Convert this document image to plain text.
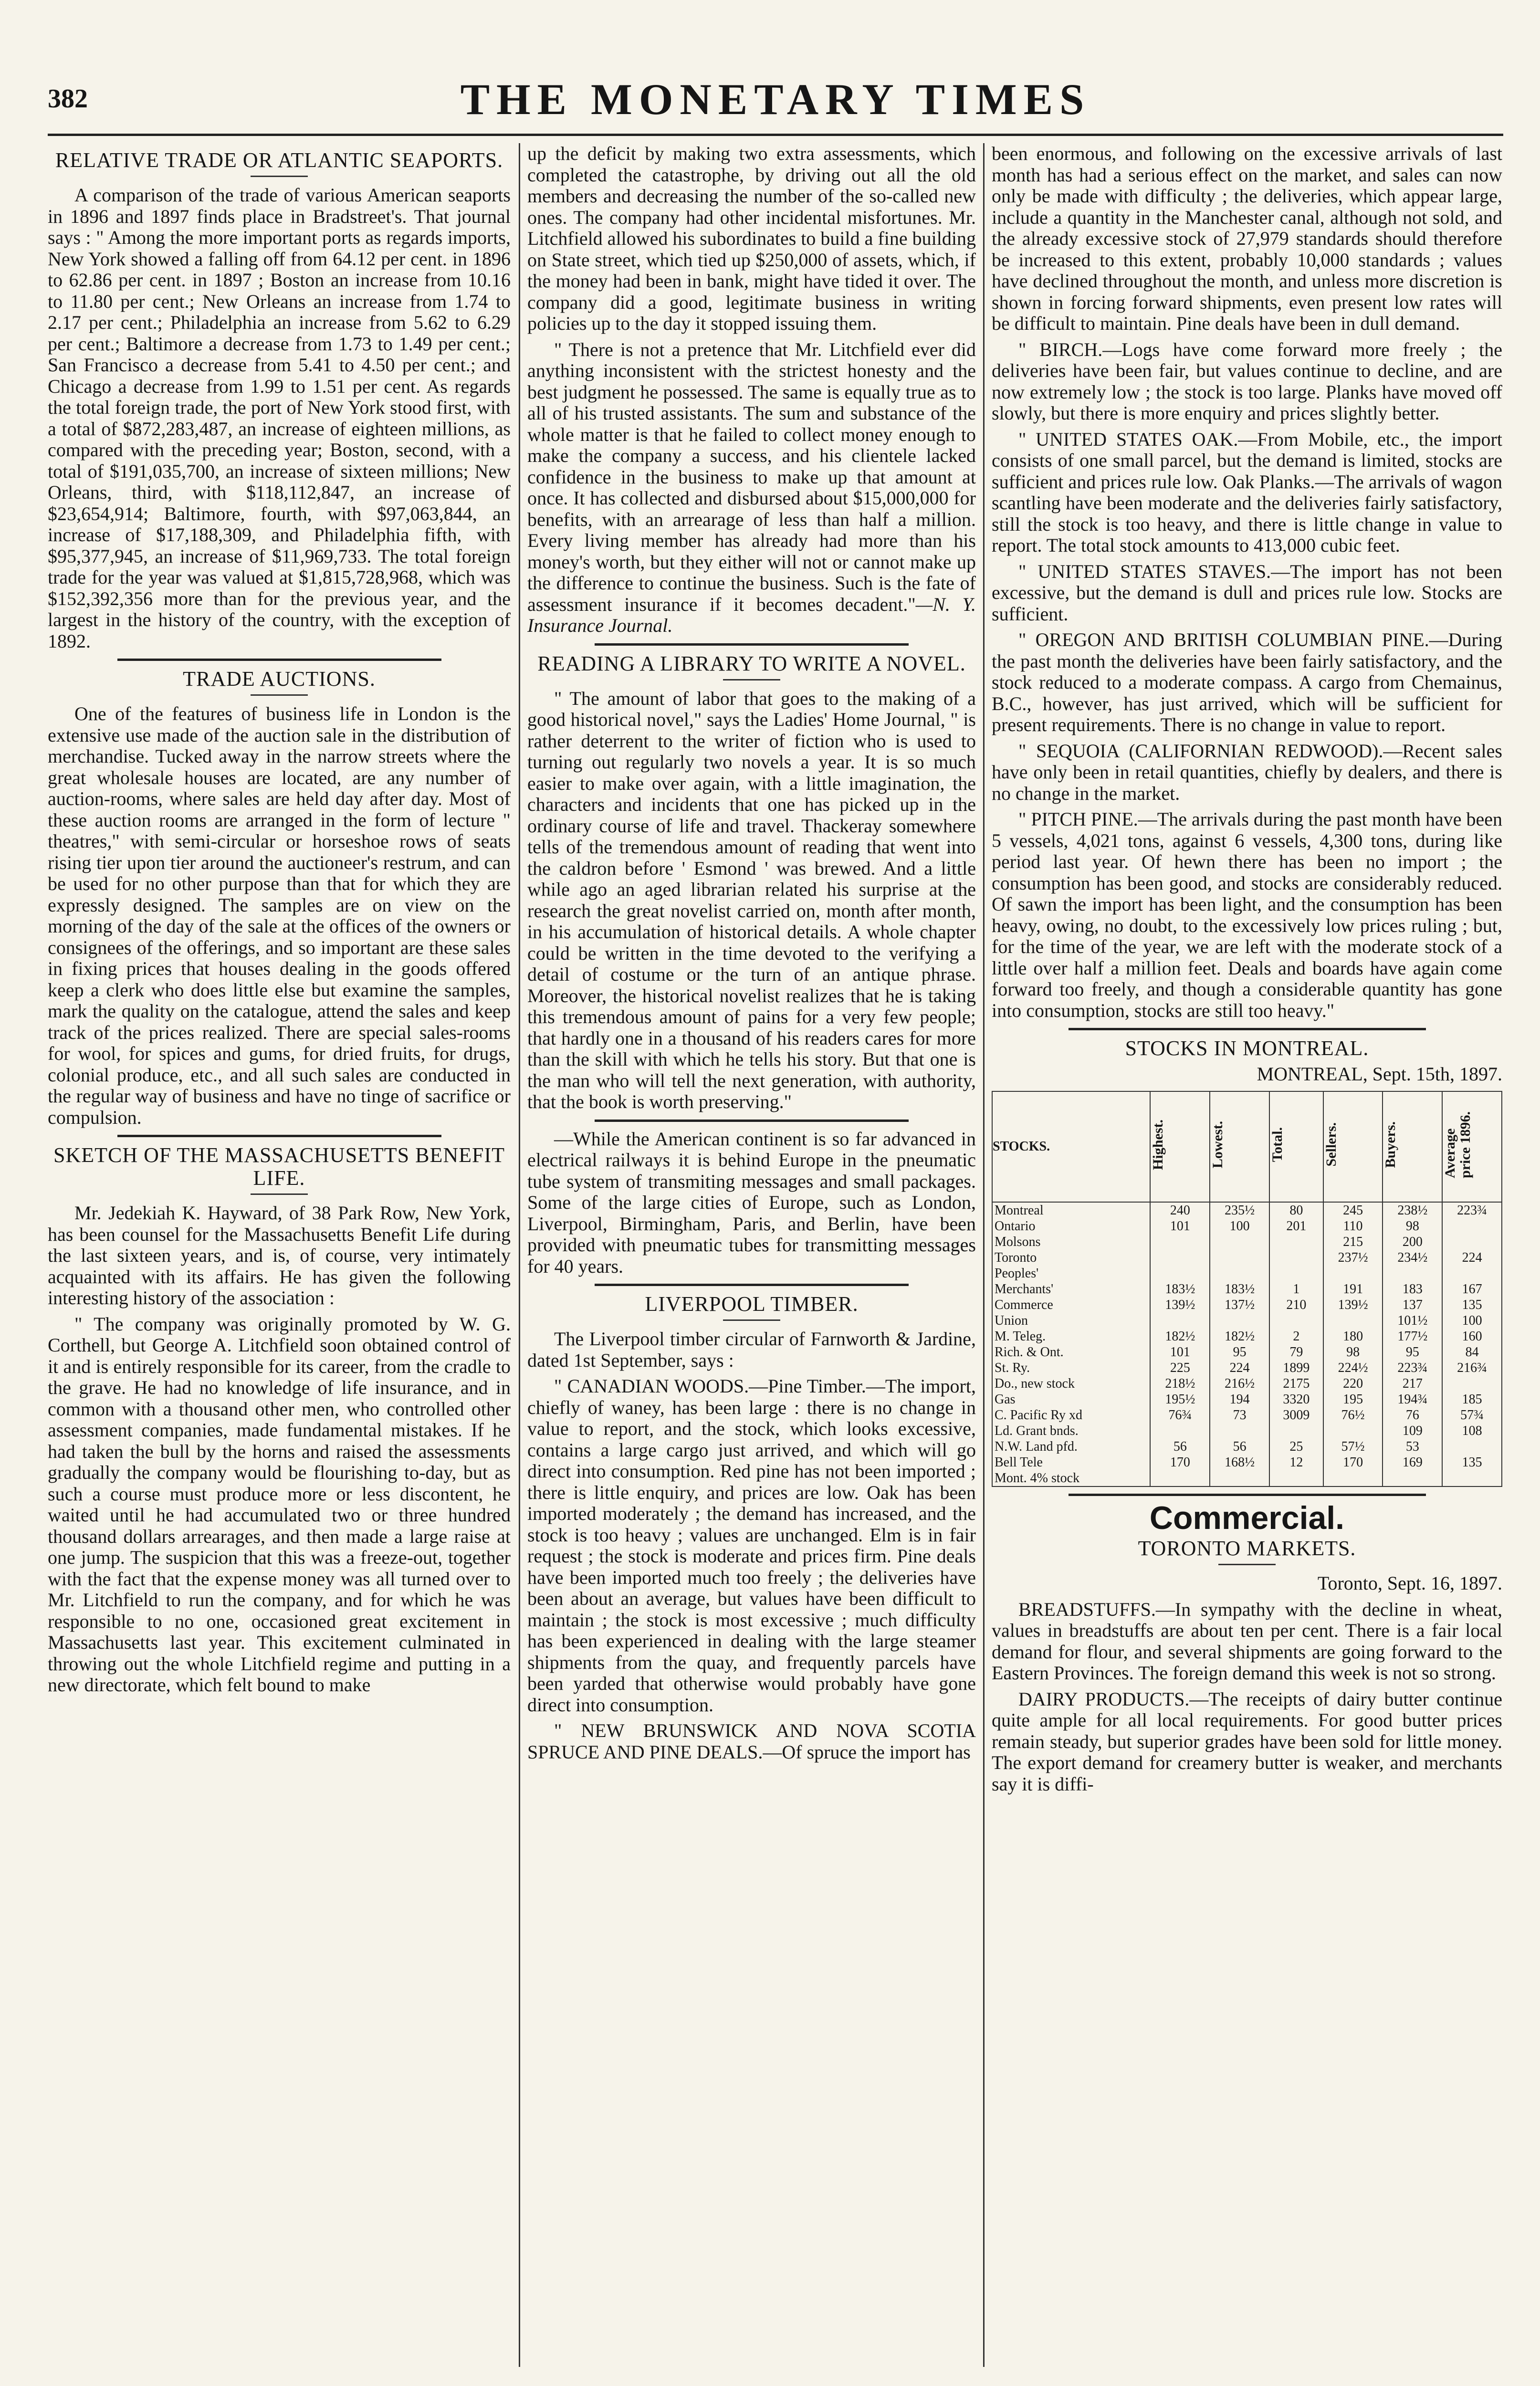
382	THE MONETARY TIMES
RELATIVE TRADE OR ATLANTIC SEAPORTS.

A comparison of the trade of various American seaports in 1896 and 1897 finds place in Bradstreet's. That journal says : " Among the more important ports as regards imports, New York showed a falling off from 64.12 per cent. in 1896 to 62.86 per cent. in 1897 ; Boston an increase from 10.16 to 11.80 per cent.; New Orleans an increase from 1.74 to 2.17 per cent.; Philadelphia an increase from 5.62 to 6.29 per cent.; Baltimore a decrease from 1.73 to 1.49 per cent.; San Francisco a decrease from 5.41 to 4.50 per cent.; and Chicago a decrease from 1.99 to 1.51 per cent. As regards the total foreign trade, the port of New York stood first, with a total of $872,283,487, an increase of eighteen millions, as compared with the preceding year; Boston, second, with a total of $191,035,700, an increase of sixteen millions; New Orleans, third, with $118,112,847, an increase of $23,654,914; Baltimore, fourth, with $97,063,844, an increase of $17,188,309, and Philadelphia fifth, with $95,377,945, an increase of $11,969,733. The total foreign trade for the year was valued at $1,815,728,968, which was $152,392,356 more than for the previous year, and the largest in the history of the country, with the exception of 1892.

TRADE AUCTIONS.

One of the features of business life in London is the extensive use made of the auction sale in the distribution of merchandise. Tucked away in the narrow streets where the great wholesale houses are located, are any number of auction-rooms, where sales are held day after day. Most of these auction rooms are arranged in the form of lecture " theatres," with semi-circular or horseshoe rows of seats rising tier upon tier around the auctioneer's restrum, and can be used for no other purpose than that for which they are expressly designed. The samples are on view on the morning of the day of the sale at the offices of the owners or consignees of the offerings, and so important are these sales in fixing prices that houses dealing in the goods offered keep a clerk who does little else but examine the samples, mark the quality on the catalogue, attend the sales and keep track of the prices realized. There are special sales-rooms for wool, for spices and gums, for dried fruits, for drugs, colonial produce, etc., and all such sales are conducted in the regular way of business and have no tinge of sacrifice or compulsion.

SKETCH OF THE MASSACHUSETTS BENEFIT LIFE.

Mr. Jedekiah K. Hayward, of 38 Park Row, New York, has been counsel for the Massachusetts Benefit Life during the last sixteen years, and is, of course, very intimately acquainted with its affairs. He has given the following interesting history of the association :

" The company was originally promoted by W. G. Corthell, but George A. Litchfield soon obtained control of it and is entirely responsible for its career, from the cradle to the grave. He had no knowledge of life insurance, and in common with a thousand other men, who controlled other assessment companies, made fundamental mistakes. If he had taken the bull by the horns and raised the assessments gradually the company would be flourishing to-day, but as such a course must produce more or less discontent, he waited until he had accumulated two or three hundred thousand dollars arrearages, and then made a large raise at one jump. The suspicion that this was a freeze-out, together with the fact that the expense money was all turned over to Mr. Litchfield to run the company, and for which he was responsible to no one, occasioned great excitement in Massachusetts last year. This excitement culminated in throwing out the whole Litchfield regime and putting in a new directorate, which felt bound to make

up the deficit by making two extra assessments, which completed the catastrophe, by driving out all the old members and decreasing the number of the so-called new ones. The company had other incidental misfortunes. Mr. Litchfield allowed his subordinates to build a fine building on State street, which tied up $250,000 of assets, which, if the money had been in bank, might have tided it over. The company did a good, legitimate business in writing policies up to the day it stopped issuing them.

" There is not a pretence that Mr. Litchfield ever did anything inconsistent with the strictest honesty and the best judgment he possessed. The same is equally true as to all of his trusted assistants. The sum and substance of the whole matter is that he failed to collect money enough to make the company a success, and his clientele lacked confidence in the business to make up that amount at once. It has collected and disbursed about $15,000,000 for benefits, with an arrearage of less than half a million. Every living member has already had more than his money's worth, but they either will not or cannot make up the difference to continue the business. Such is the fate of assessment insurance if it becomes decadent."—N. Y. Insurance Journal.

READING A LIBRARY TO WRITE A NOVEL.

" The amount of labor that goes to the making of a good historical novel," says the Ladies' Home Journal, " is rather deterrent to the writer of fiction who is used to turning out regularly two novels a year. It is so much easier to make over again, with a little imagination, the characters and incidents that one has picked up in the ordinary course of life and travel. Thackeray somewhere tells of the tremendous amount of reading that went into the caldron before ' Esmond ' was brewed. And a little while ago an aged librarian related his surprise at the research the great novelist carried on, month after month, in his accumulation of historical details. A whole chapter could be written in the time devoted to the verifying a detail of costume or the turn of an antique phrase. Moreover, the historical novelist realizes that he is taking this tremendous amount of pains for a very few people; that hardly one in a thousand of his readers cares for more than the skill with which he tells his story. But that one is the man who will tell the next generation, with authority, that the book is worth preserving."

—While the American continent is so far advanced in electrical railways it is behind Europe in the pneumatic tube system of transmiting messages and small packages. Some of the large cities of Europe, such as London, Liverpool, Birmingham, Paris, and Berlin, have been provided with pneumatic tubes for transmitting messages for 40 years.

LIVERPOOL TIMBER.

The Liverpool timber circular of Farnworth & Jardine, dated 1st September, says :

" CANADIAN WOODS.—Pine Timber.—The import, chiefly of waney, has been large : there is no change in value to report, and the stock, which looks excessive, contains a large cargo just arrived, and which will go direct into consumption. Red pine has not been imported ; there is little enquiry, and prices are low. Oak has been imported moderately ; the demand has increased, and the stock is too heavy ; values are unchanged. Elm is in fair request ; the stock is moderate and prices firm. Pine deals have been imported much too freely ; the deliveries have been about an average, but values have been difficult to maintain ; the stock is most excessive ; much difficulty has been experienced in dealing with the large steamer shipments from the quay, and frequently parcels have been yarded that otherwise would probably have gone direct into consumption.

" NEW BRUNSWICK AND NOVA SCOTIA SPRUCE AND PINE DEALS.—Of spruce the import has

been enormous, and following on the excessive arrivals of last month has had a serious effect on the market, and sales can now only be made with difficulty ; the deliveries, which appear large, include a quantity in the Manchester canal, although not sold, and the already excessive stock of 27,979 standards should therefore be increased to this extent, probably 10,000 standards ; values have declined throughout the month, and unless more discretion is shown in forcing forward shipments, even present low rates will be difficult to maintain. Pine deals have been in dull demand.

" BIRCH.—Logs have come forward more freely ; the deliveries have been fair, but values continue to decline, and are now extremely low ; the stock is too large. Planks have moved off slowly, but there is more enquiry and prices slightly better.

" UNITED STATES OAK.—From Mobile, etc., the import consists of one small parcel, but the demand is limited, stocks are sufficient and prices rule low. Oak Planks.—The arrivals of wagon scantling have been moderate and the deliveries fairly satisfactory, still the stock is too heavy, and there is little change in value to report. The total stock amounts to 413,000 cubic feet.

" UNITED STATES STAVES.—The import has not been excessive, but the demand is dull and prices rule low. Stocks are sufficient.

" OREGON AND BRITISH COLUMBIAN PINE.—During the past month the deliveries have been fairly satisfactory, and the stock reduced to a moderate compass. A cargo from Chemainus, B.C., however, has just arrived, which will be sufficient for present requirements. There is no change in value to report.

" SEQUOIA (CALIFORNIAN REDWOOD).—Recent sales have only been in retail quantities, chiefly by dealers, and there is no change in the market.

" PITCH PINE.—The arrivals during the past month have been 5 vessels, 4,021 tons, against 6 vessels, 4,300 tons, during like period last year. Of hewn there has been no import ; the consumption has been good, and stocks are considerably reduced. Of sawn the import has been light, and the consumption has been heavy, owing, no doubt, to the excessively low prices ruling ; but, for the time of the year, we are left with the moderate stock of a little over half a million feet. Deals and boards have again come forward too freely, and though a considerable quantity has gone into consumption, stocks are still too heavy."

STOCKS IN MONTREAL.
MONTREAL, Sept. 15th, 1897.
STOCKS.	Highest.	Lowest.	Total.	Sellers.	Buyers.	Average
price 1896.
Montreal	240	235½	80	245	238½	223¾
Ontario	101	100	201	110	98	
Molsons				215	200	
Toronto				237½	234½	224
Peoples'						
Merchants'	183½	183½	1	191	183	167
Commerce	139½	137½	210	139½	137	135
Union					101½	100
M. Teleg.	182½	182½	2	180	177½	160
Rich. & Ont.	101	95	79	98	95	84
St. Ry.	225	224	1899	224½	223¾	216¾
Do., new stock	218½	216½	2175	220	217	
Gas	195½	194	3320	195	194¾	185
C. Pacific Ry xd	76¾	73	3009	76½	76	57¾
Ld. Grant bnds.					109	108
N.W. Land pfd.	56	56	25	57½	53	
Bell Tele	170	168½	12	170	169	135
Mont. 4% stock						
Commercial.
TORONTO MARKETS.
Toronto, Sept. 16, 1897.

BREADSTUFFS.—In sympathy with the decline in wheat, values in breadstuffs are about ten per cent. There is a fair local demand for flour, and several shipments are going forward to the Eastern Provinces. The foreign demand this week is not so strong.

DAIRY PRODUCTS.—The receipts of dairy butter continue quite ample for all local requirements. For good butter prices remain steady, but superior grades have been sold for little money. The export demand for creamery butter is weaker, and merchants say it is diffi-
